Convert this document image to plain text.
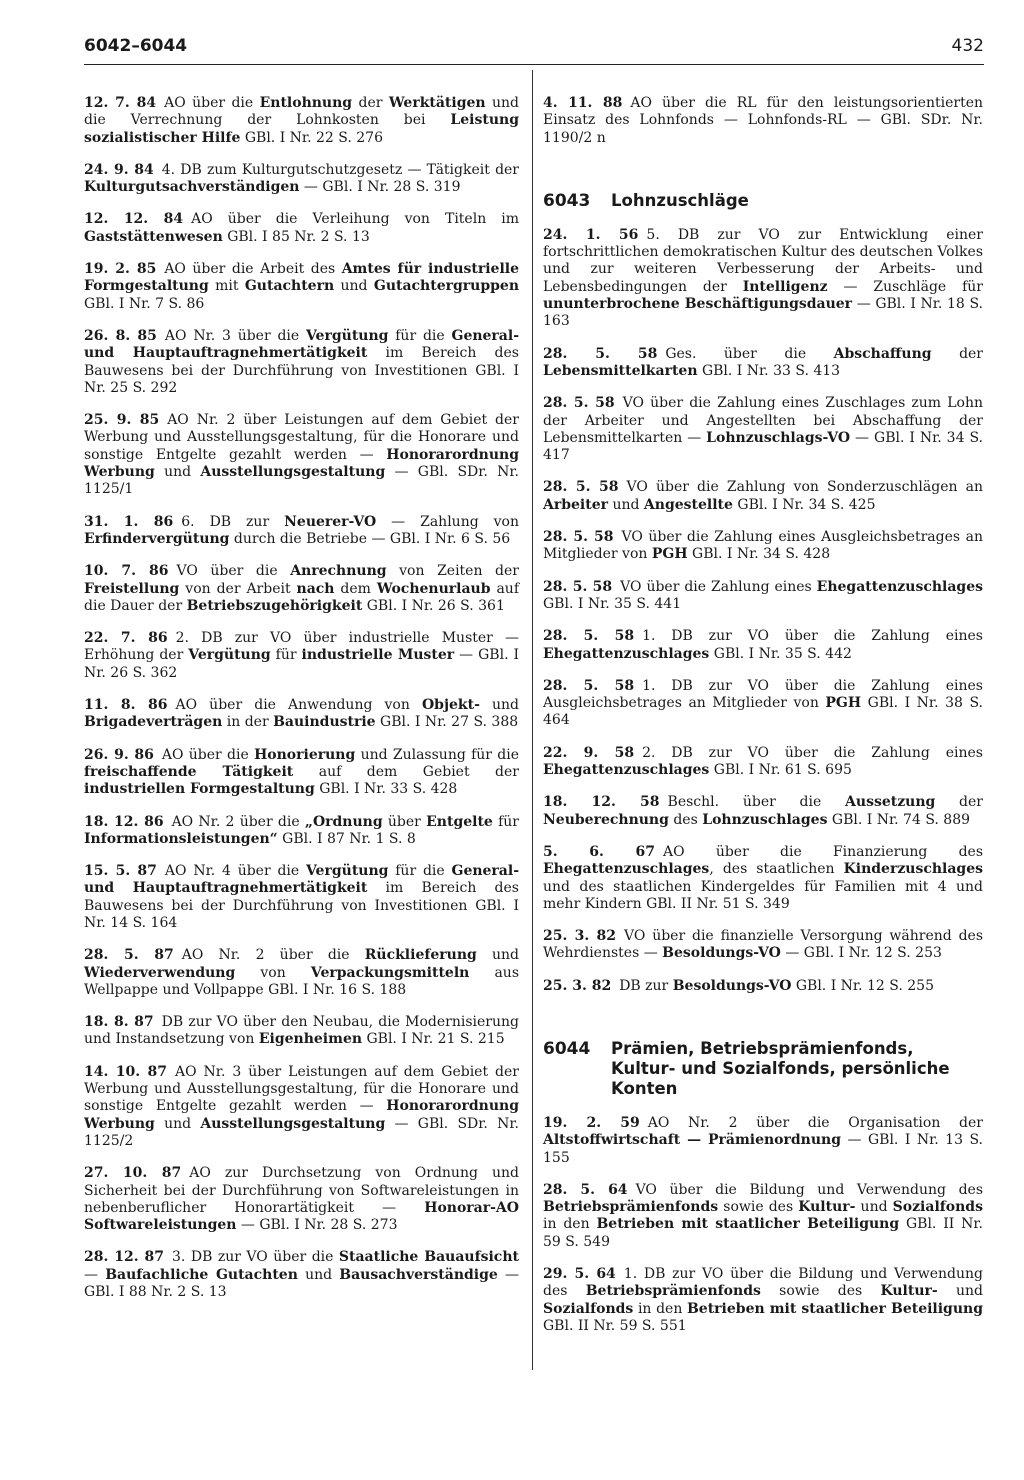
6042–6044	432

12. 7. 84 AO über die Entlohnung der Werktätigen und die Verrechnung der Lohnkosten bei Leistung sozialistischer Hilfe GBl. I Nr. 22 S. 276

24. 9. 84 4. DB zum Kulturgutschutzgesetz — Tätigkeit der Kulturgutsachverständigen — GBl. I Nr. 28 S. 319

12. 12. 84 AO über die Verleihung von Titeln im Gaststättenwesen GBl. I 85 Nr. 2 S. 13

19. 2. 85 AO über die Arbeit des Amtes für industrielle Formgestaltung mit Gutachtern und Gutachtergruppen GBl. I Nr. 7 S. 86

26. 8. 85 AO Nr. 3 über die Vergütung für die General- und Hauptauftragnehmertätigkeit im Bereich des Bauwesens bei der Durchführung von Investitionen GBl. I Nr. 25 S. 292

25. 9. 85 AO Nr. 2 über Leistungen auf dem Gebiet der Werbung und Ausstellungsgestaltung, für die Honorare und sonstige Entgelte gezahlt werden — Honorarordnung Werbung und Ausstellungsgestaltung — GBl. SDr. Nr. 1125/1

31. 1. 86 6. DB zur Neuerer-VO — Zahlung von Erfindervergütung durch die Betriebe — GBl. I Nr. 6 S. 56

10. 7. 86 VO über die Anrechnung von Zeiten der Freistellung von der Arbeit nach dem Wochenurlaub auf die Dauer der Betriebszugehörigkeit GBl. I Nr. 26 S. 361

22. 7. 86 2. DB zur VO über industrielle Muster — Erhöhung der Vergütung für industrielle Muster — GBl. I Nr. 26 S. 362

11. 8. 86 AO über die Anwendung von Objekt- und Brigadeverträgen in der Bauindustrie GBl. I Nr. 27 S. 388

26. 9. 86 AO über die Honorierung und Zulassung für die freischaffende Tätigkeit auf dem Gebiet der industriellen Formgestaltung GBl. I Nr. 33 S. 428

18. 12. 86 AO Nr. 2 über die „Ordnung über Entgelte für Informationsleistungen“ GBl. I 87 Nr. 1 S. 8

15. 5. 87 AO Nr. 4 über die Vergütung für die General- und Hauptauftragnehmertätigkeit im Bereich des Bauwesens bei der Durchführung von Investitionen GBl. I Nr. 14 S. 164

28. 5. 87 AO Nr. 2 über die Rücklieferung und Wiederverwendung von Verpackungsmitteln aus Wellpappe und Vollpappe GBl. I Nr. 16 S. 188

18. 8. 87 DB zur VO über den Neubau, die Modernisierung und Instandsetzung von Eigenheimen GBl. I Nr. 21 S. 215

14. 10. 87 AO Nr. 3 über Leistungen auf dem Gebiet der Werbung und Ausstellungsgestaltung, für die Honorare und sonstige Entgelte gezahlt werden — Honorarordnung Werbung und Ausstellungsgestaltung — GBl. SDr. Nr. 1125/2

27. 10. 87 AO zur Durchsetzung von Ordnung und Sicherheit bei der Durchführung von Softwareleistungen in nebenberuflicher Honorartätigkeit — Honorar-AO Softwareleistungen — GBl. I Nr. 28 S. 273

28. 12. 87 3. DB zur VO über die Staatliche Bauaufsicht — Baufachliche Gutachten und Bausachverständige — GBl. I 88 Nr. 2 S. 13

4. 11. 88 AO über die RL für den leistungsorientierten Einsatz des Lohnfonds — Lohnfonds-RL — GBl. SDr. Nr. 1190/2 n

6043 Lohnzuschläge

24. 1. 56 5. DB zur VO zur Entwicklung einer fortschrittlichen demokratischen Kultur des deutschen Volkes und zur weiteren Verbesserung der Arbeits- und Lebensbedingungen der Intelligenz — Zuschläge für ununterbrochene Beschäftigungsdauer — GBl. I Nr. 18 S. 163

28. 5. 58 Ges. über die Abschaffung der Lebensmittelkarten GBl. I Nr. 33 S. 413

28. 5. 58 VO über die Zahlung eines Zuschlages zum Lohn der Arbeiter und Angestellten bei Abschaffung der Lebensmittelkarten — Lohnzuschlags-VO — GBl. I Nr. 34 S. 417

28. 5. 58 VO über die Zahlung von Sonderzuschlägen an Arbeiter und Angestellte GBl. I Nr. 34 S. 425

28. 5. 58 VO über die Zahlung eines Ausgleichsbetrages an Mitglieder von PGH GBl. I Nr. 34 S. 428

28. 5. 58 VO über die Zahlung eines Ehegattenzuschlages GBl. I Nr. 35 S. 441

28. 5. 58 1. DB zur VO über die Zahlung eines Ehegattenzuschlages GBl. I Nr. 35 S. 442

28. 5. 58 1. DB zur VO über die Zahlung eines Ausgleichsbetrages an Mitglieder von PGH GBl. I Nr. 38 S. 464

22. 9. 58 2. DB zur VO über die Zahlung eines Ehegattenzuschlages GBl. I Nr. 61 S. 695

18. 12. 58 Beschl. über die Aussetzung der Neuberechnung des Lohnzuschlages GBl. I Nr. 74 S. 889

5. 6. 67 AO über die Finanzierung des Ehegattenzuschlages, des staatlichen Kinderzuschlages und des staatlichen Kindergeldes für Familien mit 4 und mehr Kindern GBl. II Nr. 51 S. 349

25. 3. 82 VO über die finanzielle Versorgung während des Wehrdienstes — Besoldungs-VO — GBl. I Nr. 12 S. 253

25. 3. 82 DB zur Besoldungs-VO GBl. I Nr. 12 S. 255

6044 Prämien, Betriebsprämienfonds, Kultur- und Sozialfonds, persönliche Konten

19. 2. 59 AO Nr. 2 über die Organisation der Altstoffwirtschaft — Prämienordnung — GBl. I Nr. 13 S. 155

28. 5. 64 VO über die Bildung und Verwendung des Betriebsprämienfonds sowie des Kultur- und Sozialfonds in den Betrieben mit staatlicher Beteiligung GBl. II Nr. 59 S. 549

29. 5. 64 1. DB zur VO über die Bildung und Verwendung des Betriebsprämienfonds sowie des Kultur- und Sozialfonds in den Betrieben mit staatlicher Beteiligung GBl. II Nr. 59 S. 551
